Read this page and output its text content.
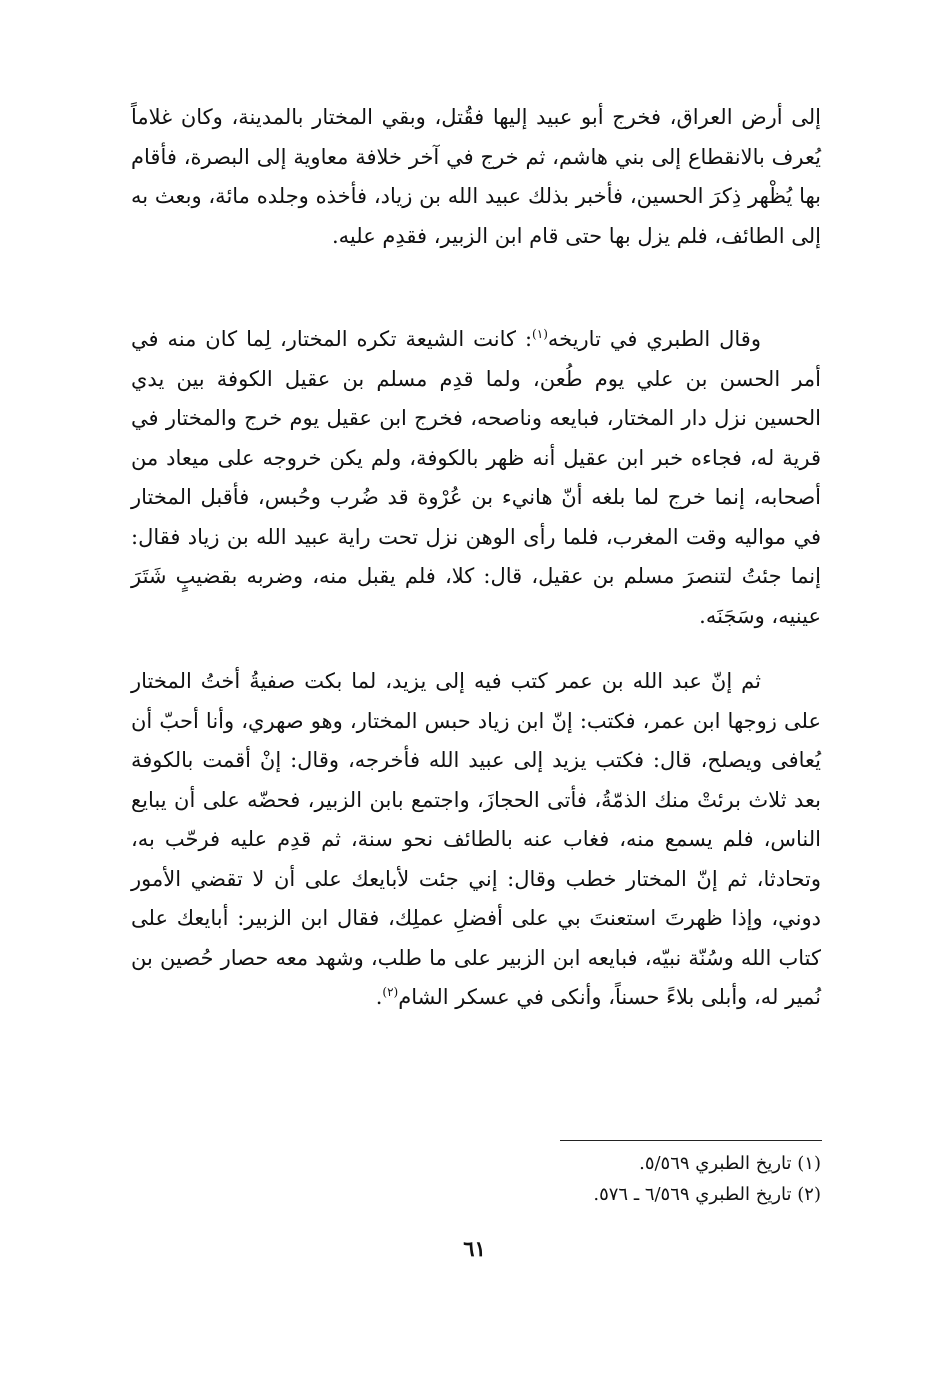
إلى أرض العراق، فخرج أبو عبيد إليها فقُتل، وبقي المختار بالمدينة، وكان غلاماً يُعرف بالانقطاع إلى بني هاشم، ثم خرج في آخر خلافة معاوية إلى البصرة، فأقام بها يُظْهر ذِكرَ الحسين، فأخبر بذلك عبيد الله بن زياد، فأخذه وجلده مائة، وبعث به إلى الطائف، فلم يزل بها حتى قام ابن الزبير، فقدِم عليه.

وقال الطبري في تاريخه$^{(١)}$: كانت الشيعة تكره المختار، لِما كان منه في أمر الحسن بن علي يوم طُعن، ولما قدِم مسلم بن عقيل الكوفة بين يدي الحسين نزل دار المختار، فبايعه وناصحه، فخرج ابن عقيل يوم خرج والمختار في قرية له، فجاءه خبر ابن عقيل أنه ظهر بالكوفة، ولم يكن خروجه على ميعاد من أصحابه، إنما خرج لما بلغه أنّ هانيء بن عُرْوة قد ضُرب وحُبس، فأقبل المختار في مواليه وقت المغرب، فلما رأى الوهن نزل تحت راية عبيد الله بن زياد فقال: إنما جئتُ لتنصرَ مسلم بن عقيل، قال: كلا، فلم يقبل منه، وضربه بقضيبٍ شَتَرَ عينيه، وسَجَنَه.

ثم إنّ عبد الله بن عمر كتب فيه إلى يزيد، لما بكت صفيةُ أختُ المختار على زوجها ابن عمر، فكتب: إنّ ابن زياد حبس المختار، وهو صهري، وأنا أحبّ أن يُعافى ويصلح، قال: فكتب يزيد إلى عبيد الله فأخرجه، وقال: إنْ أقمت بالكوفة بعد ثلاث برئتْ منك الذمّةُ، فأتى الحجازَ، واجتمع بابن الزبير، فحضّه على أن يبايع الناس، فلم يسمع منه، فغاب عنه بالطائف نحو سنة، ثم قدِم عليه فرحّب به، وتحادثا، ثم إنّ المختار خطب وقال: إني جئت لأبايعك على أن لا تقضي الأمور دوني، وإذا ظهرتَ استعنتَ بي على أفضلِ عملِك، فقال ابن الزبير: أبايعك على كتاب الله وسُنّة نبيّه، فبايعه ابن الزبير على ما طلب، وشهد معه حصار حُصين بن نُمير له، وأبلى بلاءً حسناً، وأنكى في عسكر الشام$^{(٢)}$.

(١) تاريخ الطبري ٥/٥٦٩.

(٢) تاريخ الطبري ٦/٥٦٩ ـ ٥٧٦.

٦١
